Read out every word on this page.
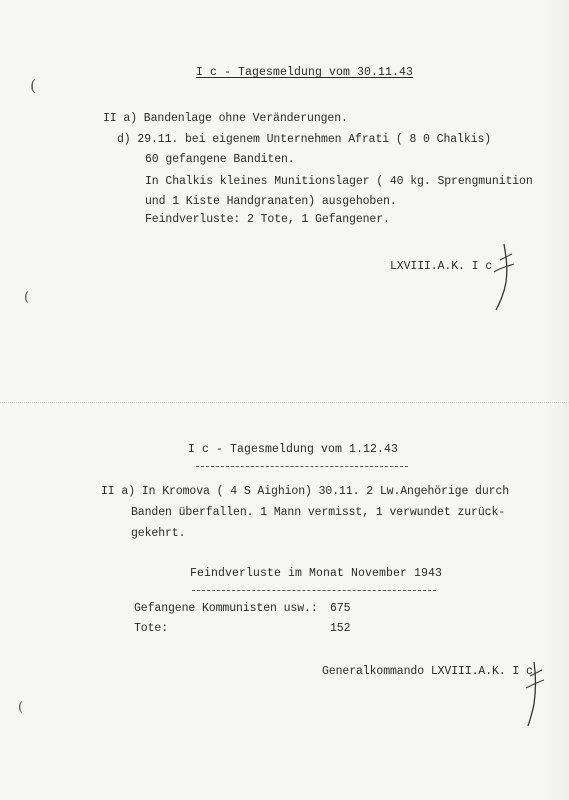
(
(
(
I c - Tagesmeldung vom 30.11.43
II a) Bandenlage ohne Veränderungen.
d) 29.11. bei eigenem Unternehmen Afrati ( 8 0 Chalkis)
60 gefangene Banditen.
In Chalkis kleines Munitionslager ( 40 kg. Sprengmunition
und 1 Kiste Handgranaten) ausgehoben.
Feindverluste: 2 Tote, 1 Gefangener.
LXVIII.A.K. I c
I c - Tagesmeldung vom 1.12.43
II a) In Kromova ( 4 S Aighion) 30.11. 2 Lw.Angehörige durch
Banden überfallen. 1 Mann vermisst, 1 verwundet zurück-
gekehrt.
Feindverluste im Monat November 1943
Gefangene Kommunisten usw.: 675
Tote:	152
Generalkommando LXVIII.A.K. I c
